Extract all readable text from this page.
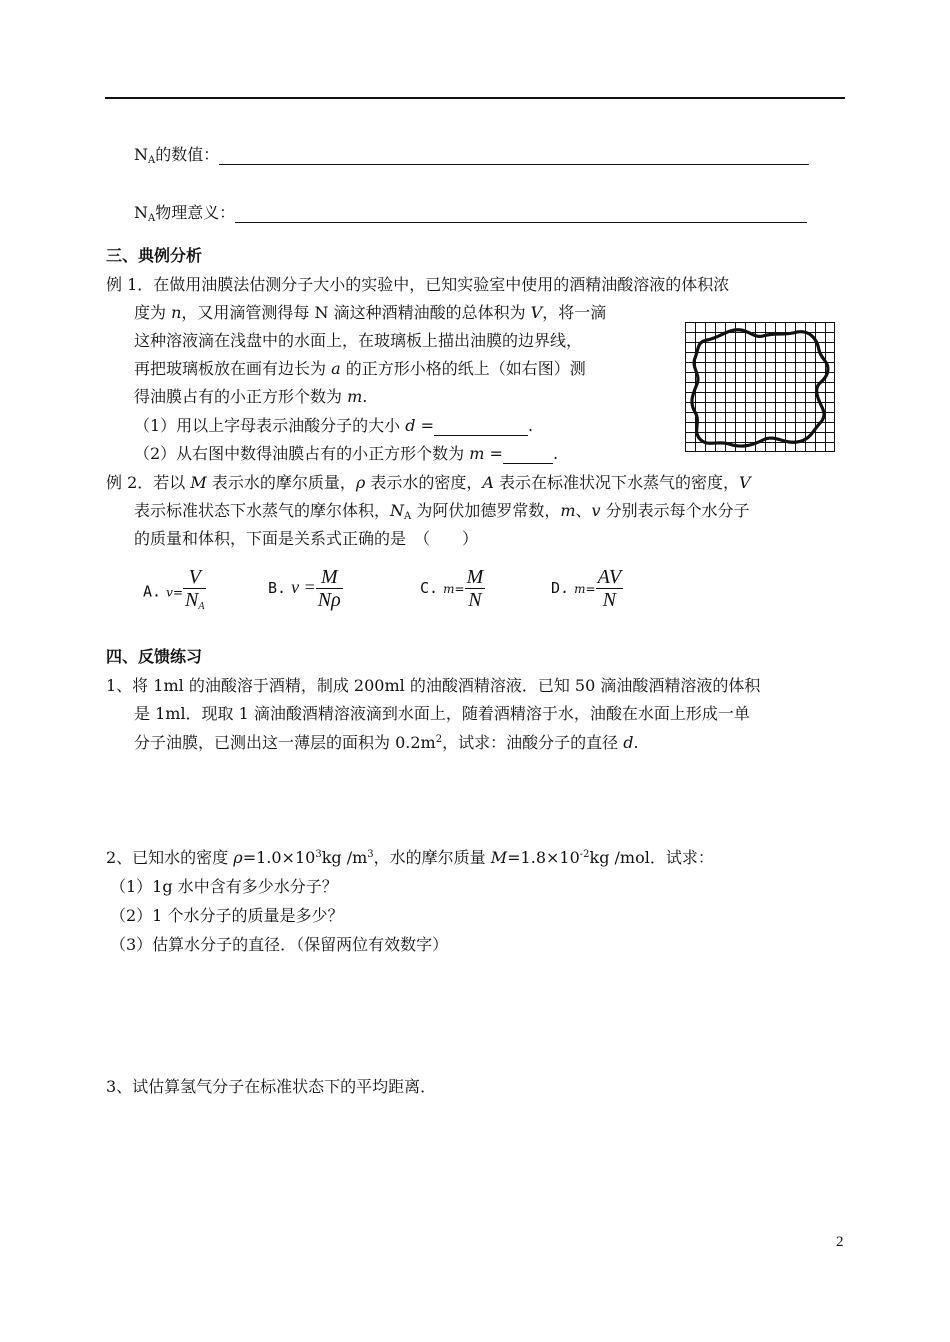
$N_A$的数值：
$N_A$物理意义：
三、典例分析
例 1．在做用油膜法估测分子大小的实验中，已知实验室中使用的酒精油酸溶液的体积浓
度为 n，又用滴管测得每 N 滴这种酒精油酸的总体积为 V，将一滴
这种溶液滴在浅盘中的水面上，在玻璃板上描出油膜的边界线，
再把玻璃板放在画有边长为 a 的正方形小格的纸上（如右图）测
得油膜占有的小正方形个数为 m.
（1）用以上字母表示油酸分子的大小 d =	.
（2）从右图中数得油膜占有的小正方形个数为 m =	.
例 2．若以 M 表示水的摩尔质量，ρ 表示水的密度，A 表示在标准状况下水蒸气的密度，V
表示标准状态下水蒸气的摩尔体积，$N_A$ 为阿伏加德罗常数，m、v 分别表示每个水分子
的质量和体积，下面是关系式正确的是　（　　）
A. $v= \frac{V}{N_A}$	B. $v = \frac{M}{N\rho}$	C. $m= \frac{M}{N}$	D. $m= \frac{AV}{N}$
四、反馈练习
1、将 1ml 的油酸溶于酒精，制成 200ml 的油酸酒精溶液．已知 50 滴油酸酒精溶液的体积
是 1ml．现取 1 滴油酸酒精溶液滴到水面上，随着酒精溶于水，油酸在水面上形成一单
分子油膜，已测出这一薄层的面积为 $0.2m^2$，试求：油酸分子的直径 d.
2、已知水的密度 $\rho=1.0\times 10^3kg$ $/m^3$，水的摩尔质量 $M=1.8\times 10^{-2}kg$ /mol．试求：
（1）1g 水中含有多少水分子？
（2）1 个水分子的质量是多少？
（3）估算水分子的直径．（保留两位有效数字）
3、试估算氢气分子在标准状态下的平均距离．
2
